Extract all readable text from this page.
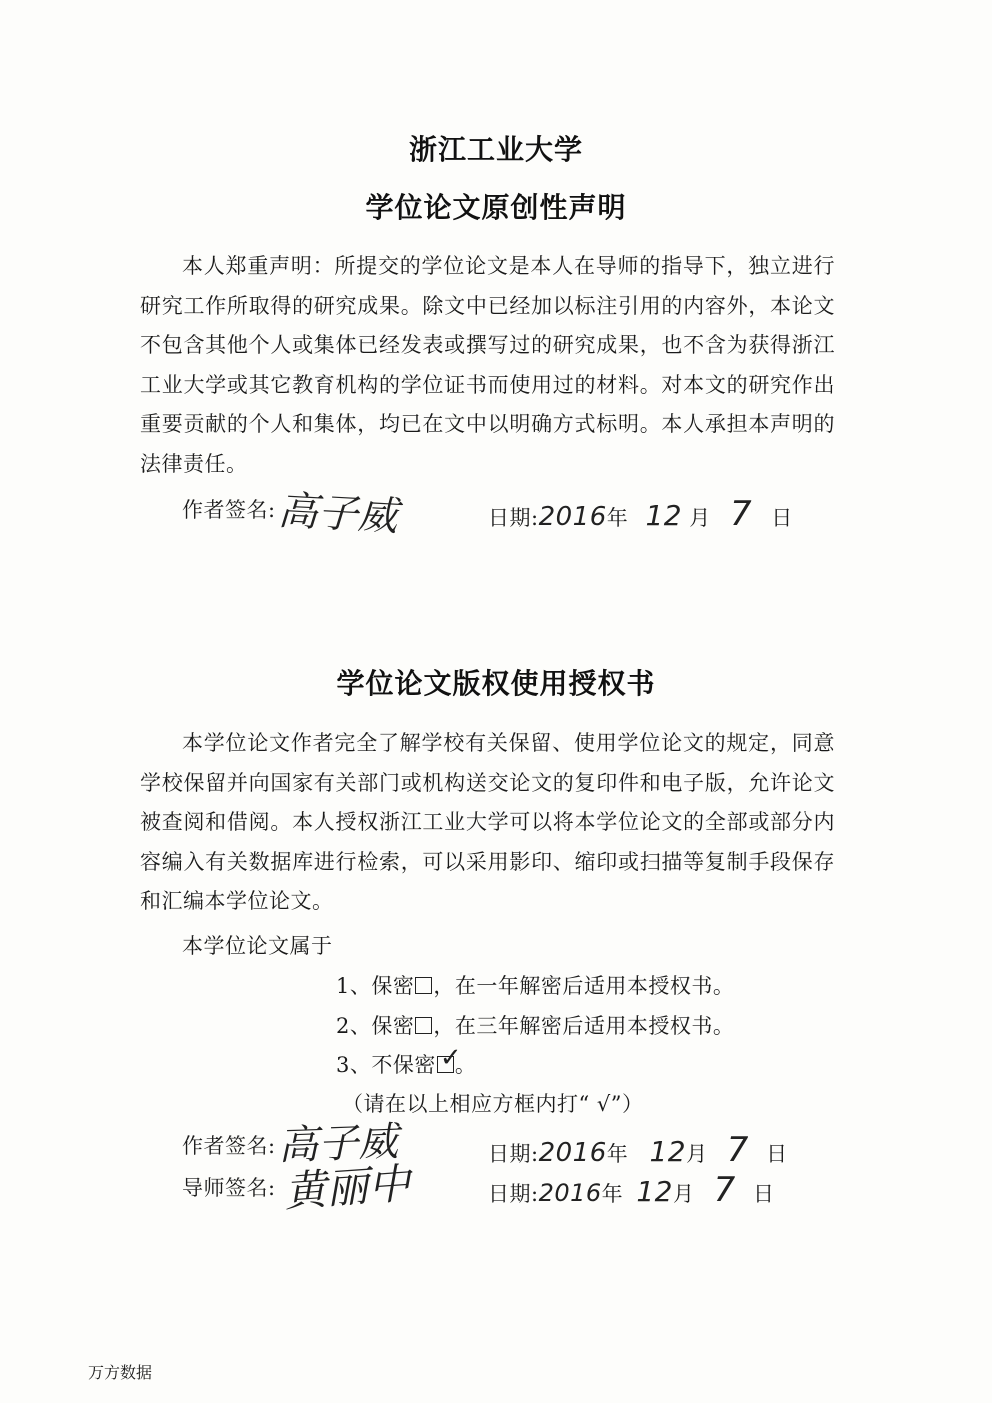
浙江工业大学
学位论文原创性声明

本人郑重声明：所提交的学位论文是本人在导师的指导下，独立进行研究工作所取得的研究成果。除文中已经加以标注引用的内容外，本论文不包含其他个人或集体已经发表或撰写过的研究成果，也不含为获得浙江工业大学或其它教育机构的学位证书而使用过的材料。对本文的研究作出重要贡献的个人和集体，均已在文中以明确方式标明。本人承担本声明的法律责任。

作者签名: 高子威	日期:2016年 12 月 7 日
学位论文版权使用授权书

本学位论文作者完全了解学校有关保留、使用学位论文的规定，同意学校保留并向国家有关部门或机构送交论文的复印件和电子版，允许论文被查阅和借阅。本人授权浙江工业大学可以将本学位论文的全部或部分内容编入有关数据库进行检索，可以采用影印、缩印或扫描等复制手段保存和汇编本学位论文。

本学位论文属于
1、保密 ，在一年解密后适用本授权书。
2、保密 ，在三年解密后适用本授权书。
3、不保密 ✓
。
（请在以上相应方框内打“ √”）
作者签名: 高子威	日期:2016年 12月 7 日
导师签名: 黄丽中	日期:2016年 12月 7 日
万方数据
